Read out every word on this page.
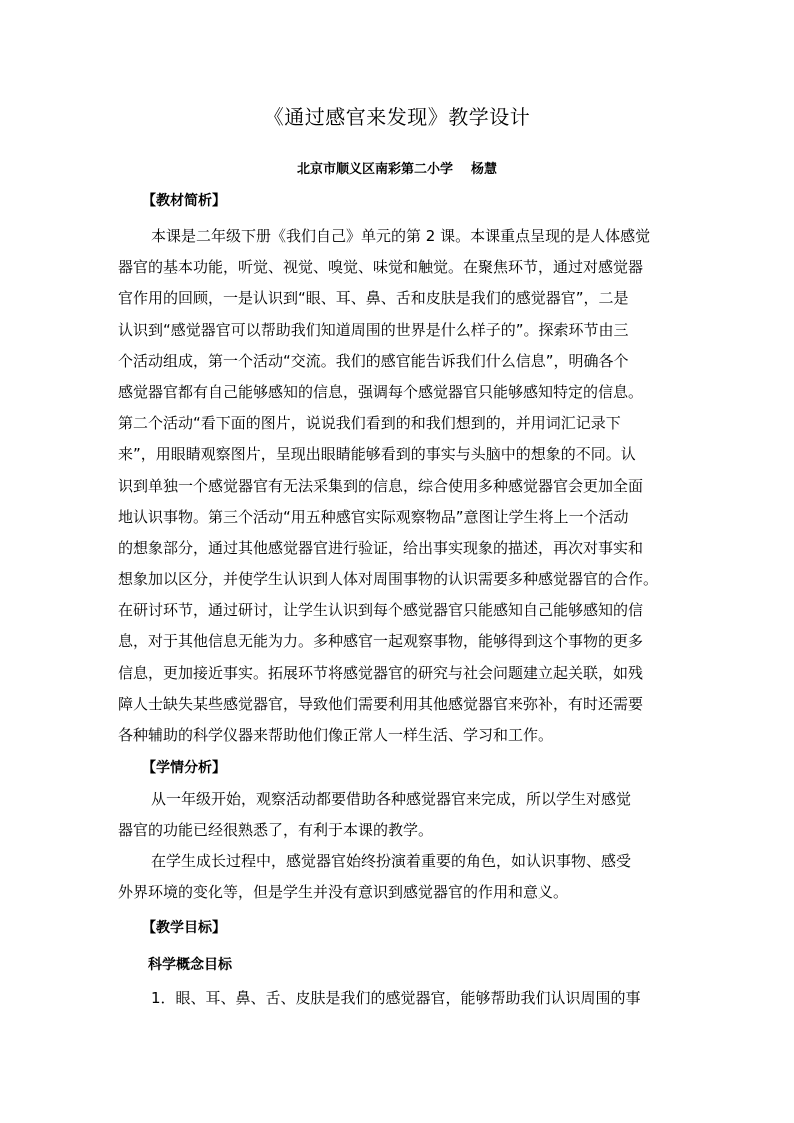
《通过感官来发现》教学设计
北京市顺义区南彩第二小学 杨慧
【教材简析】
本课是二年级下册《我们自己》单元的第 2 课。本课重点呈现的是人体感觉
器官的基本功能，听觉、视觉、嗅觉、味觉和触觉。在聚焦环节，通过对感觉器
官作用的回顾，一是认识到“眼、耳、鼻、舌和皮肤是我们的感觉器官”，二是
认识到“感觉器官可以帮助我们知道周围的世界是什么样子的”。探索环节由三
个活动组成，第一个活动“交流。我们的感官能告诉我们什么信息”，明确各个
感觉器官都有自己能够感知的信息，强调每个感觉器官只能够感知特定的信息。
第二个活动“看下面的图片，说说我们看到的和我们想到的，并用词汇记录下
来”，用眼睛观察图片，呈现出眼睛能够看到的事实与头脑中的想象的不同。认
识到单独一个感觉器官有无法采集到的信息，综合使用多种感觉器官会更加全面
地认识事物。第三个活动“用五种感官实际观察物品”意图让学生将上一个活动
的想象部分，通过其他感觉器官进行验证，给出事实现象的描述，再次对事实和
想象加以区分，并使学生认识到人体对周围事物的认识需要多种感觉器官的合作。
在研讨环节，通过研讨，让学生认识到每个感觉器官只能感知自己能够感知的信
息，对于其他信息无能为力。多种感官一起观察事物，能够得到这个事物的更多
信息，更加接近事实。拓展环节将感觉器官的研究与社会问题建立起关联，如残
障人士缺失某些感觉器官，导致他们需要利用其他感觉器官来弥补，有时还需要
各种辅助的科学仪器来帮助他们像正常人一样生活、学习和工作。
【学情分析】
从一年级开始，观察活动都要借助各种感觉器官来完成，所以学生对感觉
器官的功能已经很熟悉了，有利于本课的教学。
在学生成长过程中，感觉器官始终扮演着重要的角色，如认识事物、感受
外界环境的变化等，但是学生并没有意识到感觉器官的作用和意义。
【教学目标】
科学概念目标
1．眼、耳、鼻、舌、皮肤是我们的感觉器官，能够帮助我们认识周围的事
